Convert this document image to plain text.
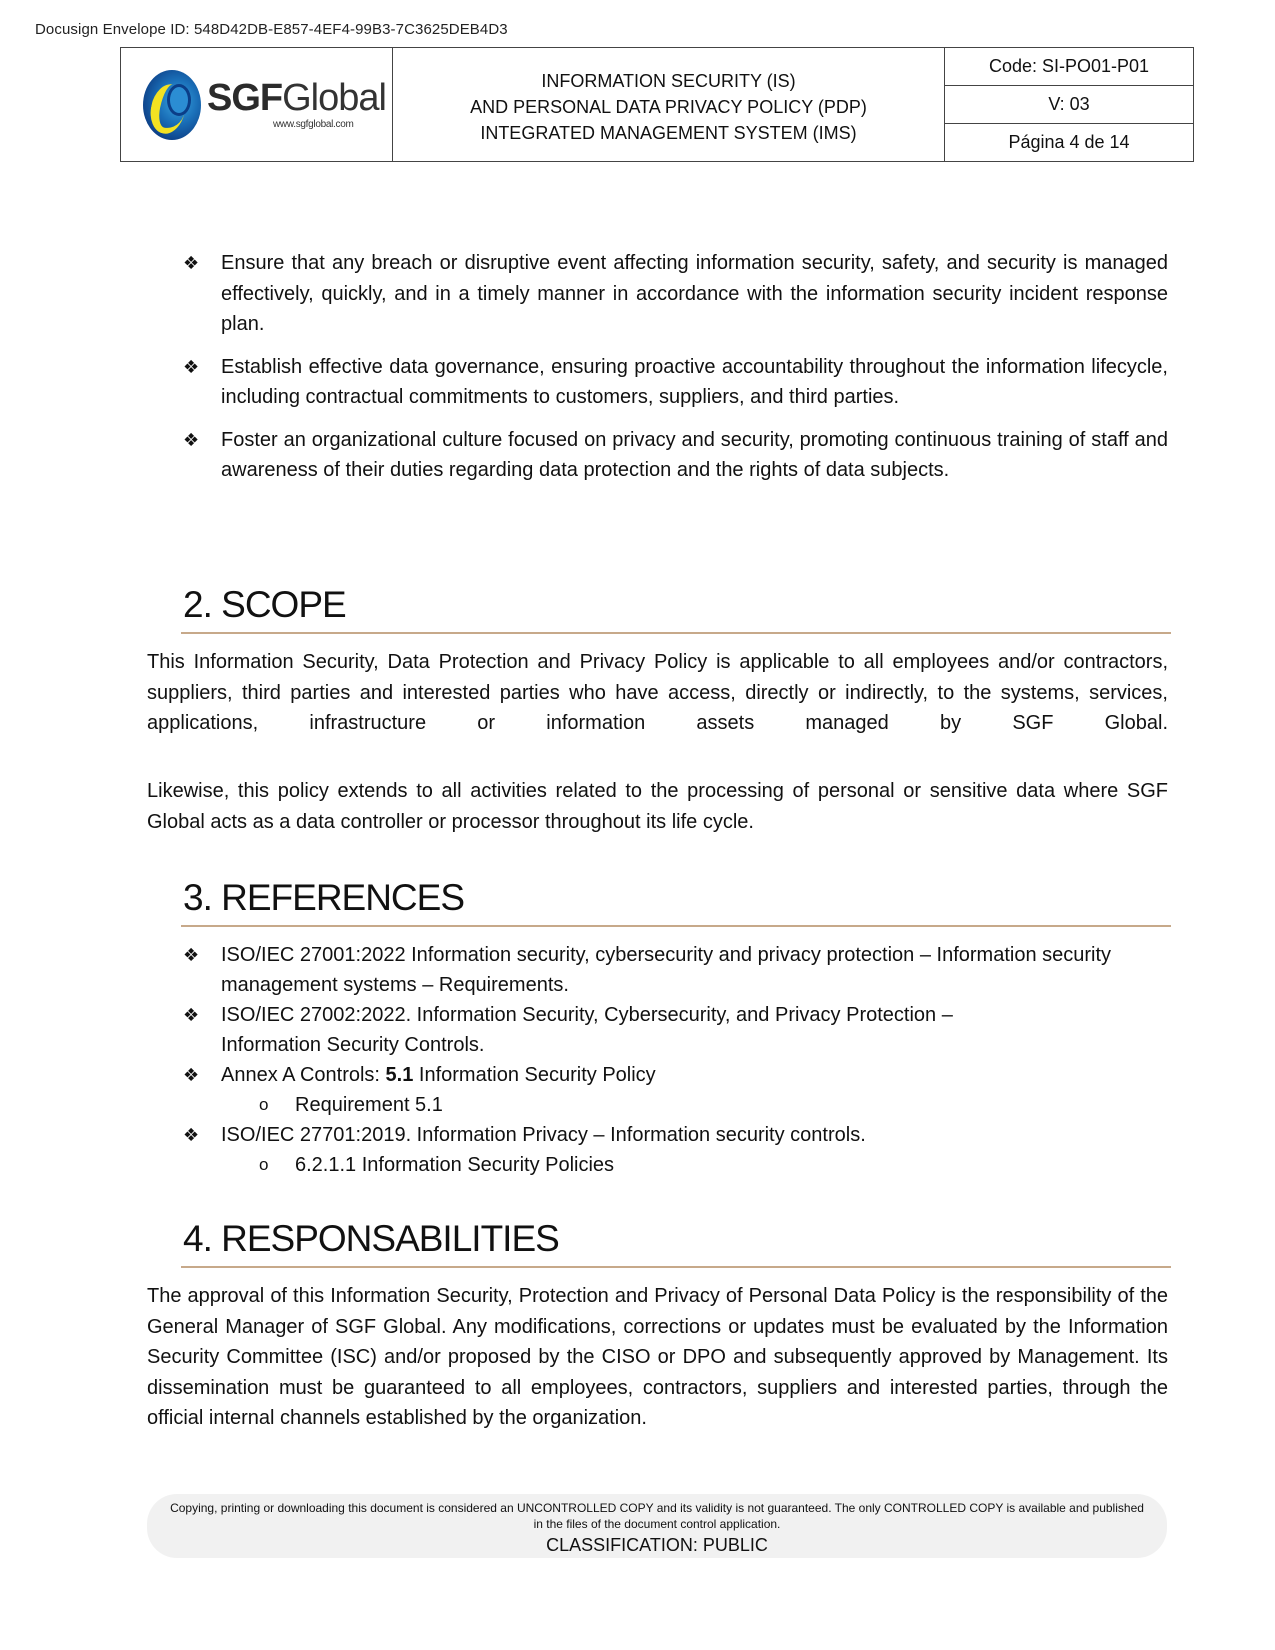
Docusign Envelope ID: 548D42DB-E857-4EF4-99B3-7C3625DEB4D3
SGFGlobal
www.sgfglobal.com
INFORMATION SECURITY (IS)
AND PERSONAL DATA PRIVACY POLICY (PDP)
INTEGRATED MANAGEMENT SYSTEM (IMS)
Code: SI-PO01-P01
V: 03
Página 4 de 14
❖ Ensure that any breach or disruptive event affecting information security, safety, and security is managed effectively, quickly, and in a timely manner in accordance with the information security incident response plan.
❖ Establish effective data governance, ensuring proactive accountability throughout the information lifecycle, including contractual commitments to customers, suppliers, and third parties.
❖ Foster an organizational culture focused on privacy and security, promoting continuous training of staff and awareness of their duties regarding data protection and the rights of data subjects.
2. SCOPE
This Information Security, Data Protection and Privacy Policy is applicable to all employees and/or contractors, suppliers, third parties and interested parties who have access, directly or indirectly, to the systems, services, applications, infrastructure or information assets managed by SGF Global.
Likewise, this policy extends to all activities related to the processing of personal or sensitive data where SGF Global acts as a data controller or processor throughout its life cycle.
3. REFERENCES
❖ ISO/IEC 27001:2022 Information security, cybersecurity and privacy protection – Information security management systems – Requirements.
❖ ISO/IEC 27002:2022. Information Security, Cybersecurity, and Privacy Protection – Information Security Controls.
❖ Annex A Controls: 5.1 Information Security Policy
o Requirement 5.1
❖ ISO/IEC 27701:2019. Information Privacy – Information security controls.
o 6.2.1.1 Information Security Policies
4. RESPONSABILITIES
The approval of this Information Security, Protection and Privacy of Personal Data Policy is the responsibility of the General Manager of SGF Global. Any modifications, corrections or updates must be evaluated by the Information Security Committee (ISC) and/or proposed by the CISO or DPO and subsequently approved by Management. Its dissemination must be guaranteed to all employees, contractors, suppliers and interested parties, through the official internal channels established by the organization.
Copying, printing or downloading this document is considered an UNCONTROLLED COPY and its validity is not guaranteed. The only CONTROLLED COPY is available and published in the files of the document control application.
CLASSIFICATION: PUBLIC
